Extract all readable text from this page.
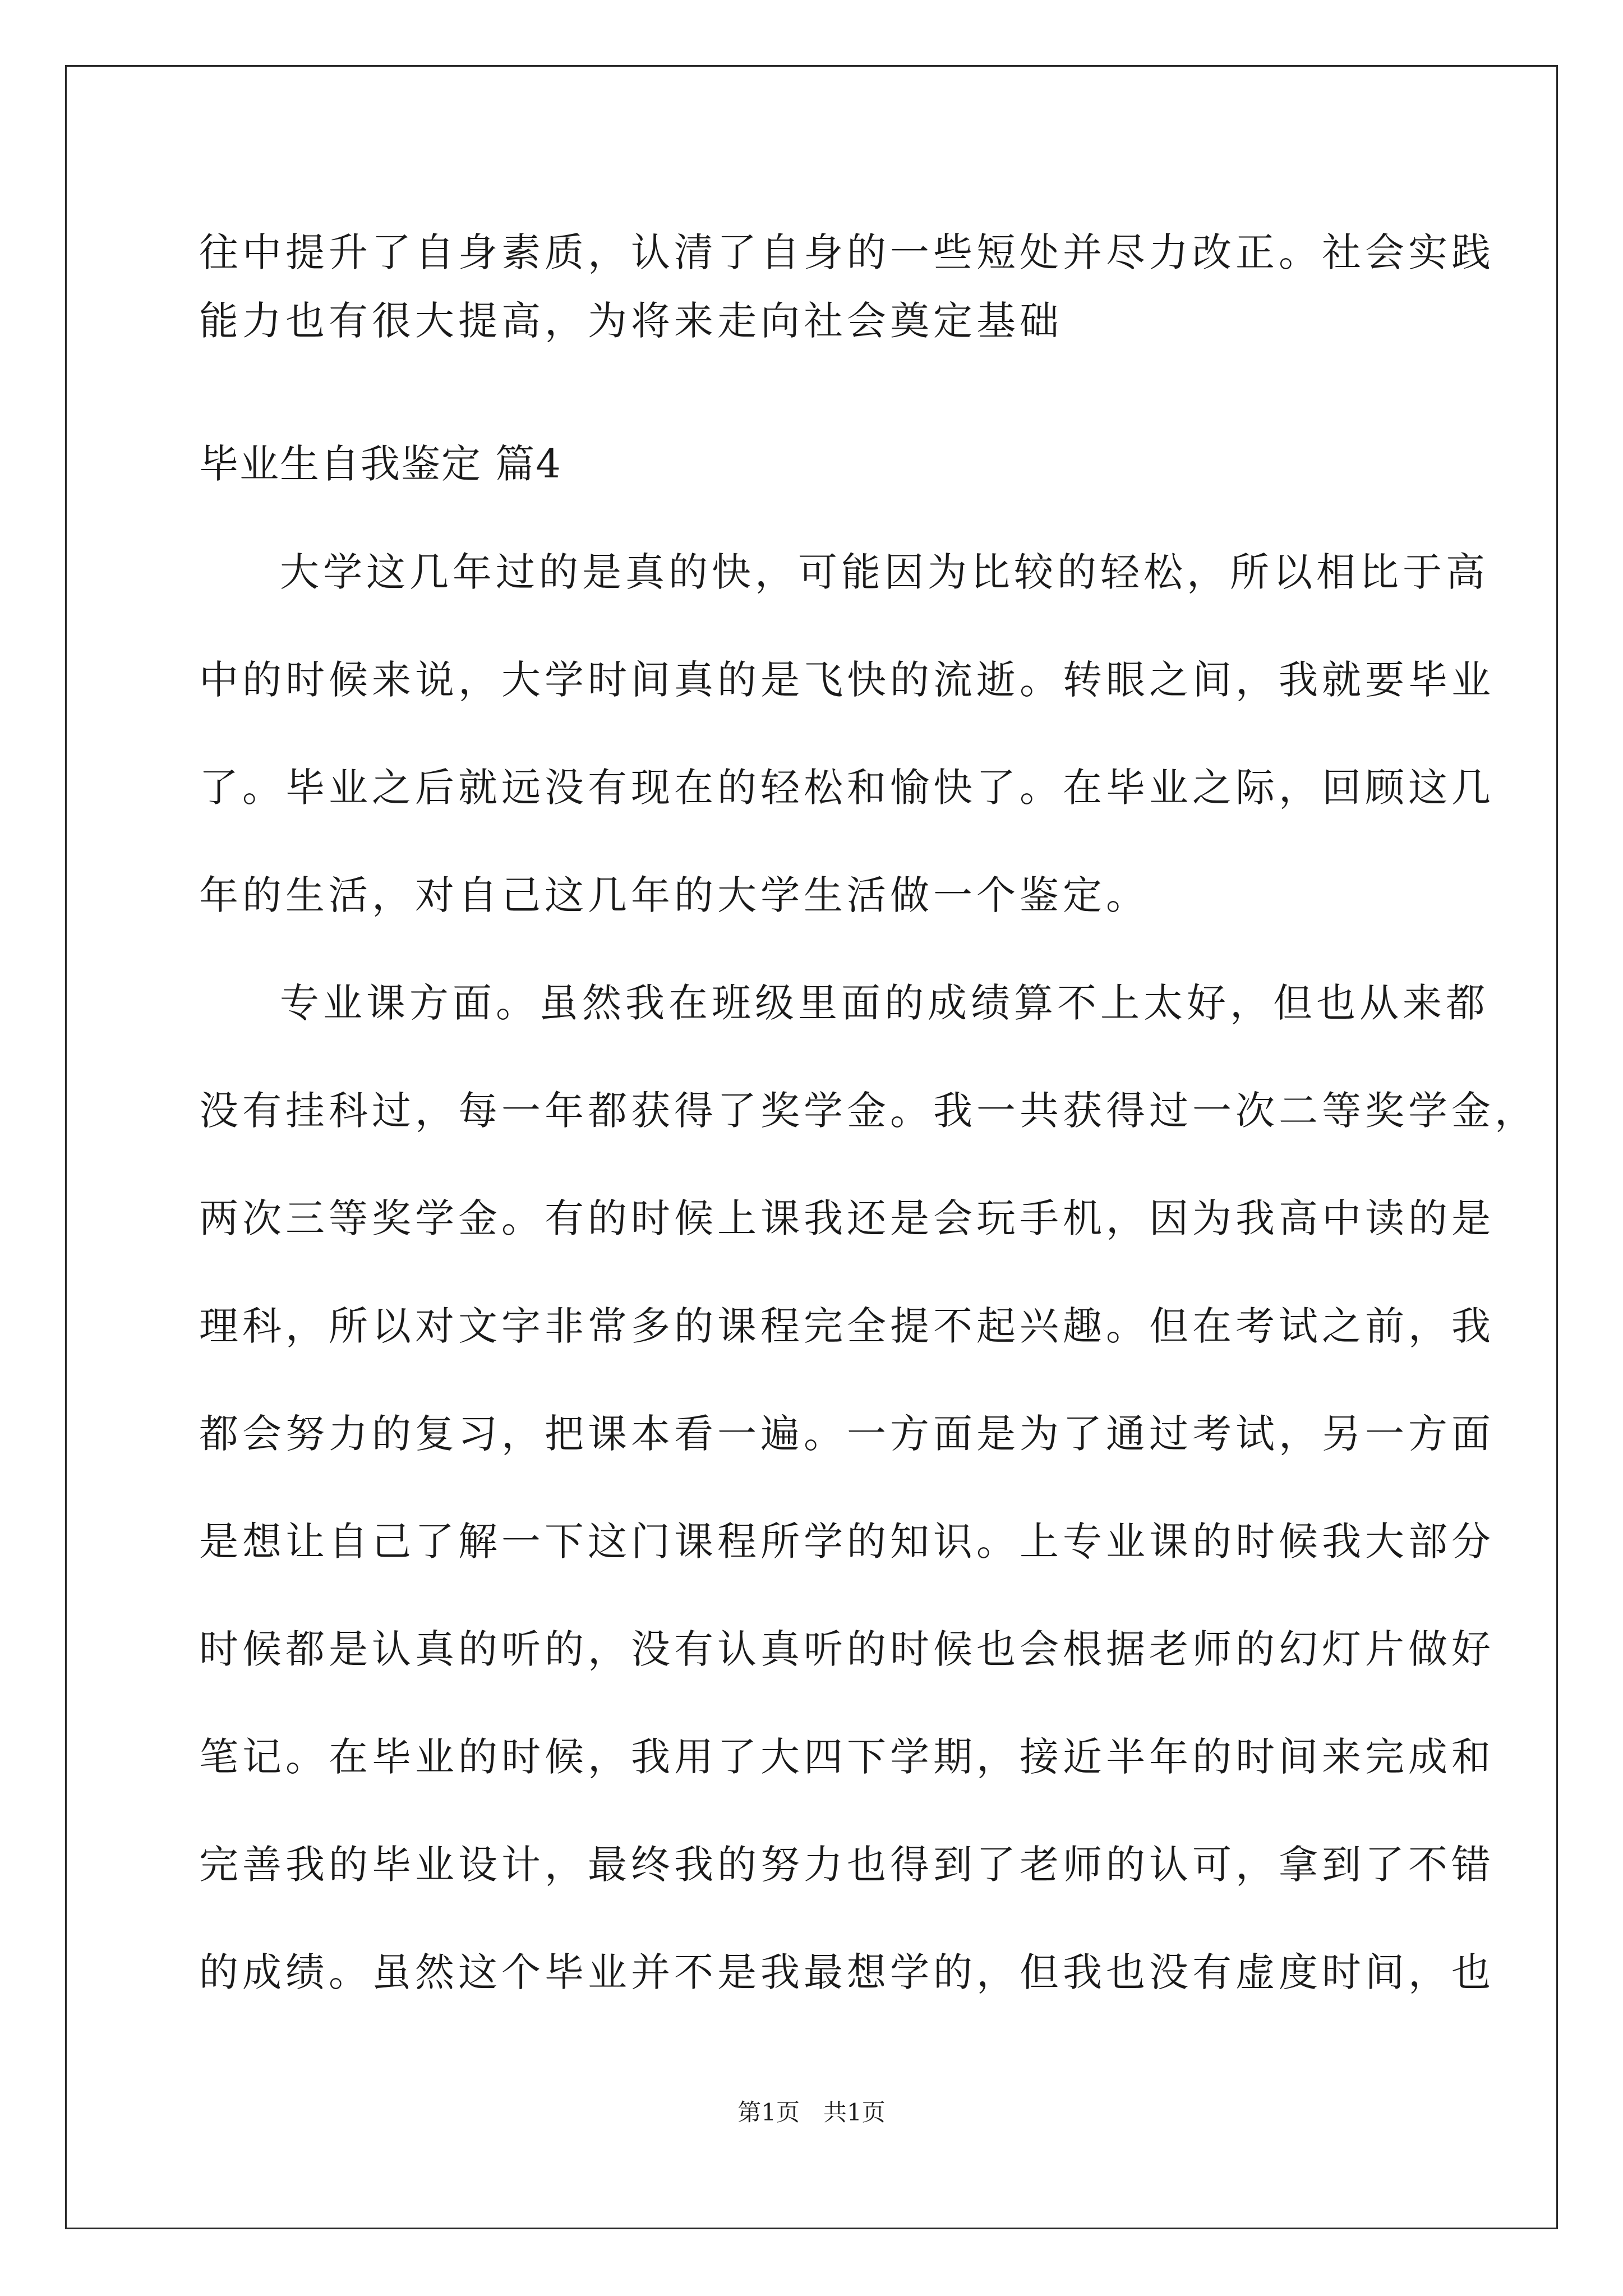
往中提升了自身素质，认清了自身的一些短处并尽力改正。社会实践
能力也有很大提高，为将来走向社会奠定基础
毕业生自我鉴定 篇4
大学这几年过的是真的快，可能因为比较的轻松，所以相比于高
中的时候来说，大学时间真的是飞快的流逝。转眼之间，我就要毕业
了。毕业之后就远没有现在的轻松和愉快了。在毕业之际，回顾这几
年的生活，对自己这几年的大学生活做一个鉴定。
专业课方面。虽然我在班级里面的成绩算不上太好，但也从来都
没有挂科过，每一年都获得了奖学金。我一共获得过一次二等奖学金，
两次三等奖学金。有的时候上课我还是会玩手机，因为我高中读的是
理科，所以对文字非常多的课程完全提不起兴趣。但在考试之前，我
都会努力的复习，把课本看一遍。一方面是为了通过考试，另一方面
是想让自己了解一下这门课程所学的知识。上专业课的时候我大部分
时候都是认真的听的，没有认真听的时候也会根据老师的幻灯片做好
笔记。在毕业的时候，我用了大四下学期，接近半年的时间来完成和
完善我的毕业设计，最终我的努力也得到了老师的认可，拿到了不错
的成绩。虽然这个毕业并不是我最想学的，但我也没有虚度时间，也
第1页　共1页
